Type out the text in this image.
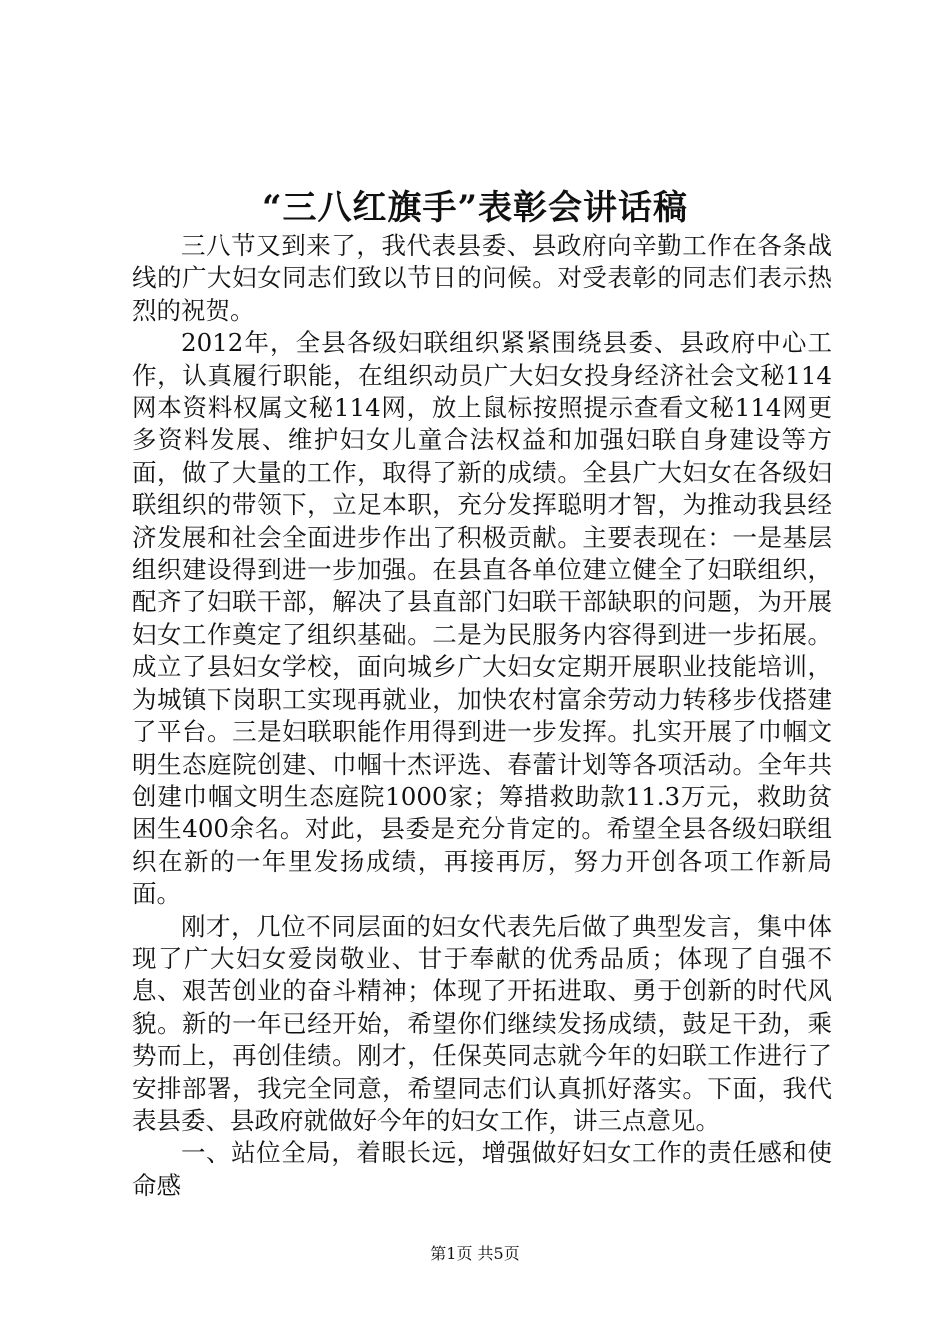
“三八红旗手”表彰会讲话稿

三八节又到来了，我代表县委、县政府向辛勤工作在各条战线的广大妇女同志们致以节日的问候。对受表彰的同志们表示热烈的祝贺。

2012年，全县各级妇联组织紧紧围绕县委、县政府中心工作，认真履行职能，在组织动员广大妇女投身经济社会文秘114网本资料权属文秘114网，放上鼠标按照提示查看文秘114网更多资料发展、维护妇女儿童合法权益和加强妇联自身建设等方面，做了大量的工作，取得了新的成绩。全县广大妇女在各级妇联组织的带领下，立足本职，充分发挥聪明才智，为推动我县经济发展和社会全面进步作出了积极贡献。主要表现在：一是基层组织建设得到进一步加强。在县直各单位建立健全了妇联组织，配齐了妇联干部，解决了县直部门妇联干部缺职的问题，为开展妇女工作奠定了组织基础。二是为民服务内容得到进一步拓展。成立了县妇女学校，面向城乡广大妇女定期开展职业技能培训，为城镇下岗职工实现再就业，加快农村富余劳动力转移步伐搭建了平台。三是妇联职能作用得到进一步发挥。扎实开展了巾帼文明生态庭院创建、巾帼十杰评选、春蕾计划等各项活动。全年共创建巾帼文明生态庭院1000家；筹措救助款11.3万元，救助贫困生400余名。对此，县委是充分肯定的。希望全县各级妇联组织在新的一年里发扬成绩，再接再厉，努力开创各项工作新局面。

刚才，几位不同层面的妇女代表先后做了典型发言，集中体现了广大妇女爱岗敬业、甘于奉献的优秀品质；体现了自强不息、艰苦创业的奋斗精神；体现了开拓进取、勇于创新的时代风貌。新的一年已经开始，希望你们继续发扬成绩，鼓足干劲，乘势而上，再创佳绩。刚才，任保英同志就今年的妇联工作进行了安排部署，我完全同意，希望同志们认真抓好落实。下面，我代表县委、县政府就做好今年的妇女工作，讲三点意见。

一、站位全局，着眼长远，增强做好妇女工作的责任感和使命感

第1页 共5页
